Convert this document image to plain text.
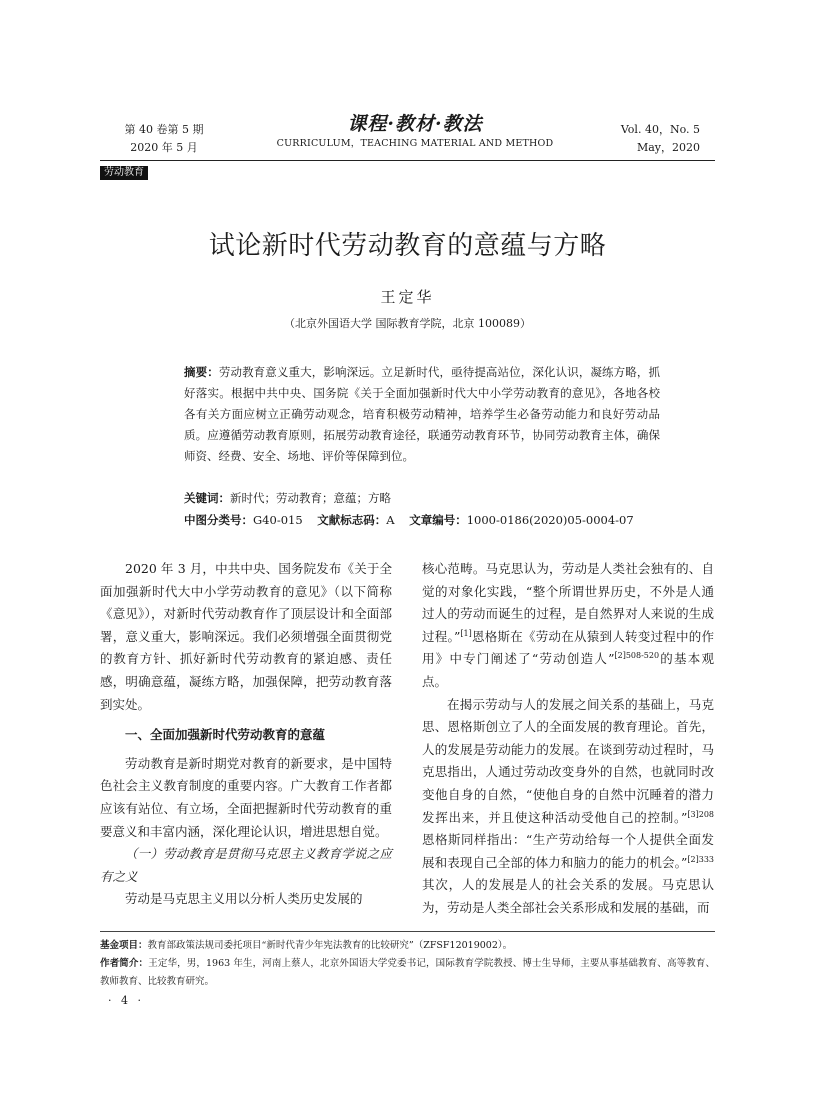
第 40 卷第 5 期
2020 年 5 月
课程·教材·教法
CURRICULUM，TEACHING MATERIAL AND METHOD
Vol. 40，No. 5
May，2020
劳动教育
试论新时代劳动教育的意蕴与方略
王定华
（北京外国语大学 国际教育学院，北京 100089）
摘要：劳动教育意义重大，影响深远。立足新时代，亟待提高站位，深化认识，凝练方略，抓好落实。根据中共中央、国务院《关于全面加强新时代大中小学劳动教育的意见》，各地各校各有关方面应树立正确劳动观念，培育积极劳动精神，培养学生必备劳动能力和良好劳动品质。应遵循劳动教育原则，拓展劳动教育途径，联通劳动教育环节，协同劳动教育主体，确保师资、经费、安全、场地、评价等保障到位。
关键词：新时代；劳动教育；意蕴；方略
中图分类号：G40-015 文献标志码：A 文章编号：1000-0186(2020)05-0004-07

2020 年 3 月，中共中央、国务院发布《关于全面加强新时代大中小学劳动教育的意见》（以下简称《意见》），对新时代劳动教育作了顶层设计和全面部署，意义重大，影响深远。我们必须增强全面贯彻党的教育方针、抓好新时代劳动教育的紧迫感、责任感，明确意蕴，凝练方略，加强保障，把劳动教育落到实处。

一、全面加强新时代劳动教育的意蕴

劳动教育是新时期党对教育的新要求，是中国特色社会主义教育制度的重要内容。广大教育工作者都应该有站位、有立场，全面把握新时代劳动教育的重要意义和丰富内涵，深化理论认识，增进思想自觉。

（一）劳动教育是贯彻马克思主义教育学说之应有之义

劳动是马克思主义用以分析人类历史发展的

核心范畴。马克思认为，劳动是人类社会独有的、自觉的对象化实践，“整个所谓世界历史，不外是人通过人的劳动而诞生的过程，是自然界对人来说的生成过程。”[1]恩格斯在《劳动在从猿到人转变过程中的作用》中专门阐述了“劳动创造人”$^{[2]508-520}$的基本观点。

在揭示劳动与人的发展之间关系的基础上，马克思、恩格斯创立了人的全面发展的教育理论。首先，人的发展是劳动能力的发展。在谈到劳动过程时，马克思指出，人通过劳动改变身外的自然，也就同时改变他自身的自然，“使他自身的自然中沉睡着的潜力发挥出来，并且使这种活动受他自己的控制。”$^{[3]208}$ 恩格斯同样指出：“生产劳动给每一个人提供全面发展和表现自己全部的体力和脑力的能力的机会。”$^{[2]333}$其次，人的发展是人的社会关系的发展。马克思认为，劳动是人类全部社会关系形成和发展的基础，而

基金项目：教育部政策法规司委托项目“新时代青少年宪法教育的比较研究”（ZFSF12019002）。
作者简介：王定华，男，1963 年生，河南上蔡人，北京外国语大学党委书记，国际教育学院教授、博士生导师，主要从事基础教育、高等教育、教师教育、比较教育研究。
· 4 ·
